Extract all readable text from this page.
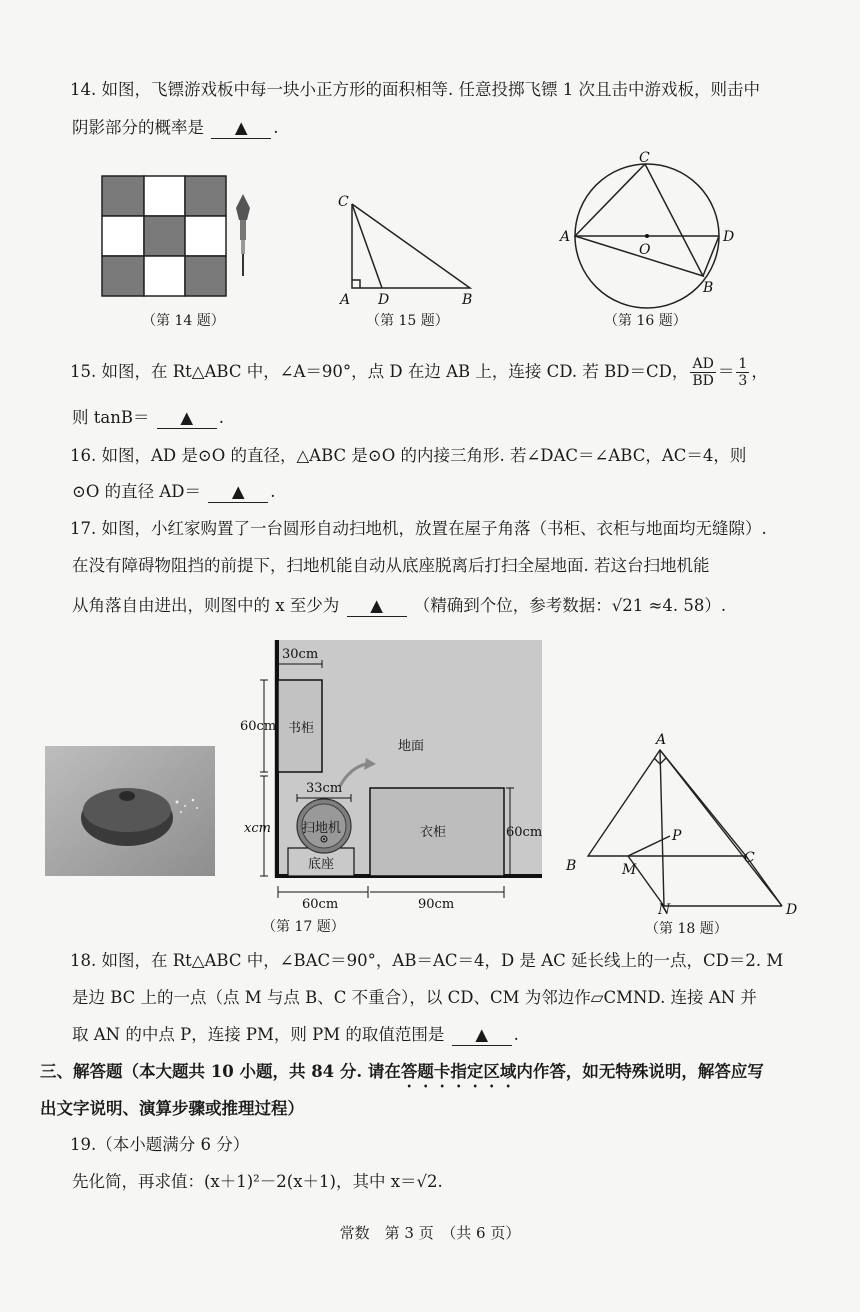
14. 如图，飞镖游戏板中每一块小正方形的面积相等. 任意投掷飞镖 1 次且击中游戏板，则击中
阴影部分的概率是 ▲ .
（第 14 题）
C
A D	B
（第 15 题）
C
A
O
D
B
（第 16 题）
15. 如图，在 Rt△ABC 中，∠A＝90°，点 D 在边 AB 上，连接 CD. 若 BD＝CD， $\frac{AD}{BD} = \frac{1}{3}$ ，
则 tanB＝ ▲ .
16. 如图，AD 是⊙O 的直径，△ABC 是⊙O 的内接三角形. 若∠DAC＝∠ABC，AC＝4，则
⊙O 的直径 AD＝ ▲ .
17. 如图，小红家购置了一台圆形自动扫地机，放置在屋子角落（书柜、衣柜与地面均无缝隙）.
在没有障碍物阻挡的前提下，扫地机能自动从底座脱离后打扫全屋地面. 若这台扫地机能
从角落自由进出，则图中的 x 至少为 ▲ （精确到个位，参考数据：√21 ≈4. 58）.
30cm
60cm 书柜
地面
33cm
扫地机
xcm
底座
衣柜	60cm
60cm	90cm
（第 17 题）
A
P
B	M
C
N	D
（第 18 题）
18. 如图，在 Rt△ABC 中，∠BAC＝90°，AB＝AC＝4，D 是 AC 延长线上的一点，CD＝2. M
是边 BC 上的一点（点 M 与点 B、C 不重合），以 CD、CM 为邻边作▱CMND. 连接 AN 并
取 AN 的中点 P，连接 PM，则 PM 的取值范围是 ▲ .
三、解答题（本大题共 10 小题，共 84 分. 请在答题卡指定区域内作答，如无特殊说明，解答应写
出文字说明、演算步骤或推理过程）
19.（本小题满分 6 分）
先化简，再求值：(x＋1)²－2(x＋1)，其中 x＝√2.
常数　第 3 页　（共 6 页）
